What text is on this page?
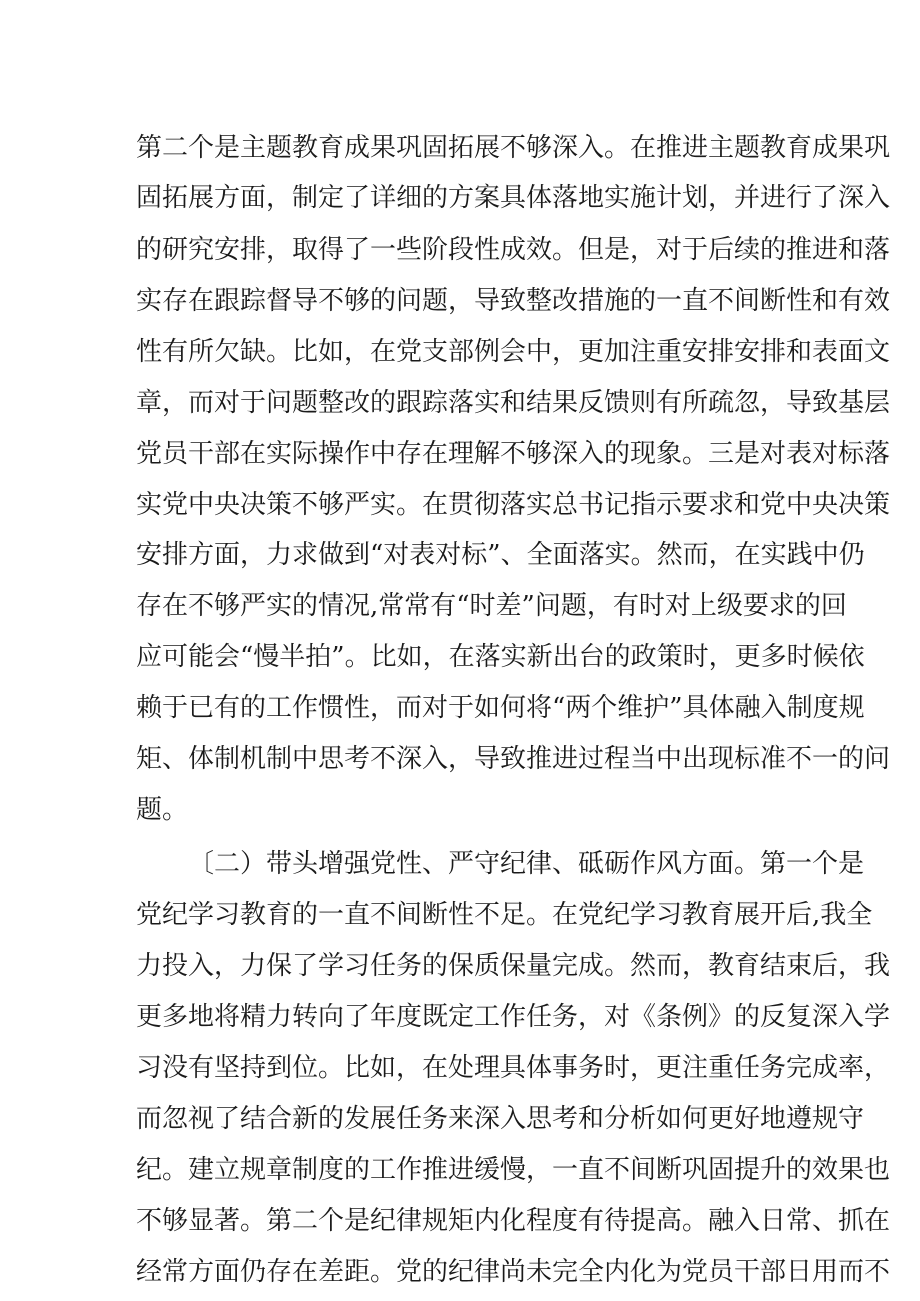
第二个是主题教育成果巩固拓展不够深入。在推进主题教育成果巩
固拓展方面，制定了详细的方案具体落地实施计划，并进行了深入
的研究安排，取得了一些阶段性成效。但是，对于后续的推进和落
实存在跟踪督导不够的问题，导致整改措施的一直不间断性和有效
性有所欠缺。比如，在党支部例会中，更加注重安排安排和表面文
章，而对于问题整改的跟踪落实和结果反馈则有所疏忽，导致基层
党员干部在实际操作中存在理解不够深入的现象。三是对表对标落
实党中央决策不够严实。在贯彻落实总书记指示要求和党中央决策
安排方面，力求做到“对表对标”、全面落实。然而，在实践中仍
存在不够严实的情况,常常有“时差”问题，有时对上级要求的回
应可能会“慢半拍”。比如，在落实新出台的政策时，更多时候依
赖于已有的工作惯性，而对于如何将“两个维护”具体融入制度规
矩、体制机制中思考不深入，导致推进过程当中出现标准不一的问
题。
〔二）带头增强党性、严守纪律、砥砺作风方面。第一个是
党纪学习教育的一直不间断性不足。在党纪学习教育展开后,我全
力投入，力保了学习任务的保质保量完成。然而，教育结束后，我
更多地将精力转向了年度既定工作任务，对《条例》的反复深入学
习没有坚持到位。比如，在处理具体事务时，更注重任务完成率，
而忽视了结合新的发展任务来深入思考和分析如何更好地遵规守
纪。建立规章制度的工作推进缓慢，一直不间断巩固提升的效果也
不够显著。第二个是纪律规矩内化程度有待提高。融入日常、抓在
经常方面仍存在差距。党的纪律尚未完全内化为党员干部日用而不
